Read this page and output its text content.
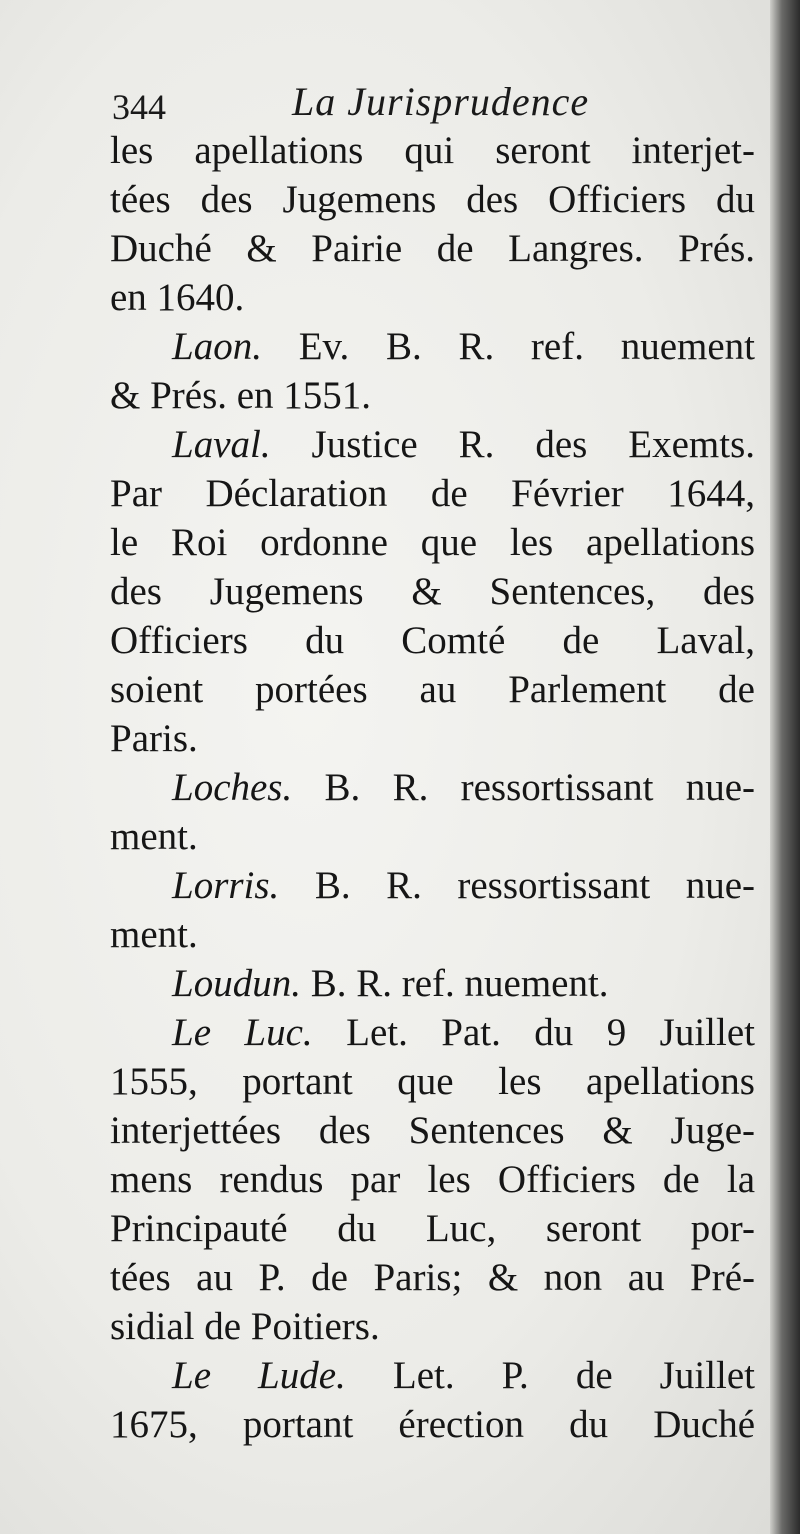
344	La Jurisprudence
les apellations qui seront interjet-
tées des Jugemens des Officiers du
Duché & Pairie de Langres. Prés.
en 1640.
Laon. Ev. B. R. ref. nuement
& Prés. en 1551.
Laval. Justice R. des Exemts.
Par Déclaration de Février 1644,
le Roi ordonne que les apellations
des Jugemens & Sentences, des
Officiers du Comté de Laval,
soient portées au Parlement de
Paris.
Loches. B. R. ressortissant nue-
ment.
Lorris. B. R. ressortissant nue-
ment.
Loudun. B. R. ref. nuement.
Le Luc. Let. Pat. du 9 Juillet
1555, portant que les apellations
interjettées des Sentences & Juge-
mens rendus par les Officiers de la
Principauté du Luc, seront por-
tées au P. de Paris; & non au Pré-
sidial de Poitiers.
Le Lude. Let. P. de Juillet
1675, portant érection du Duché
